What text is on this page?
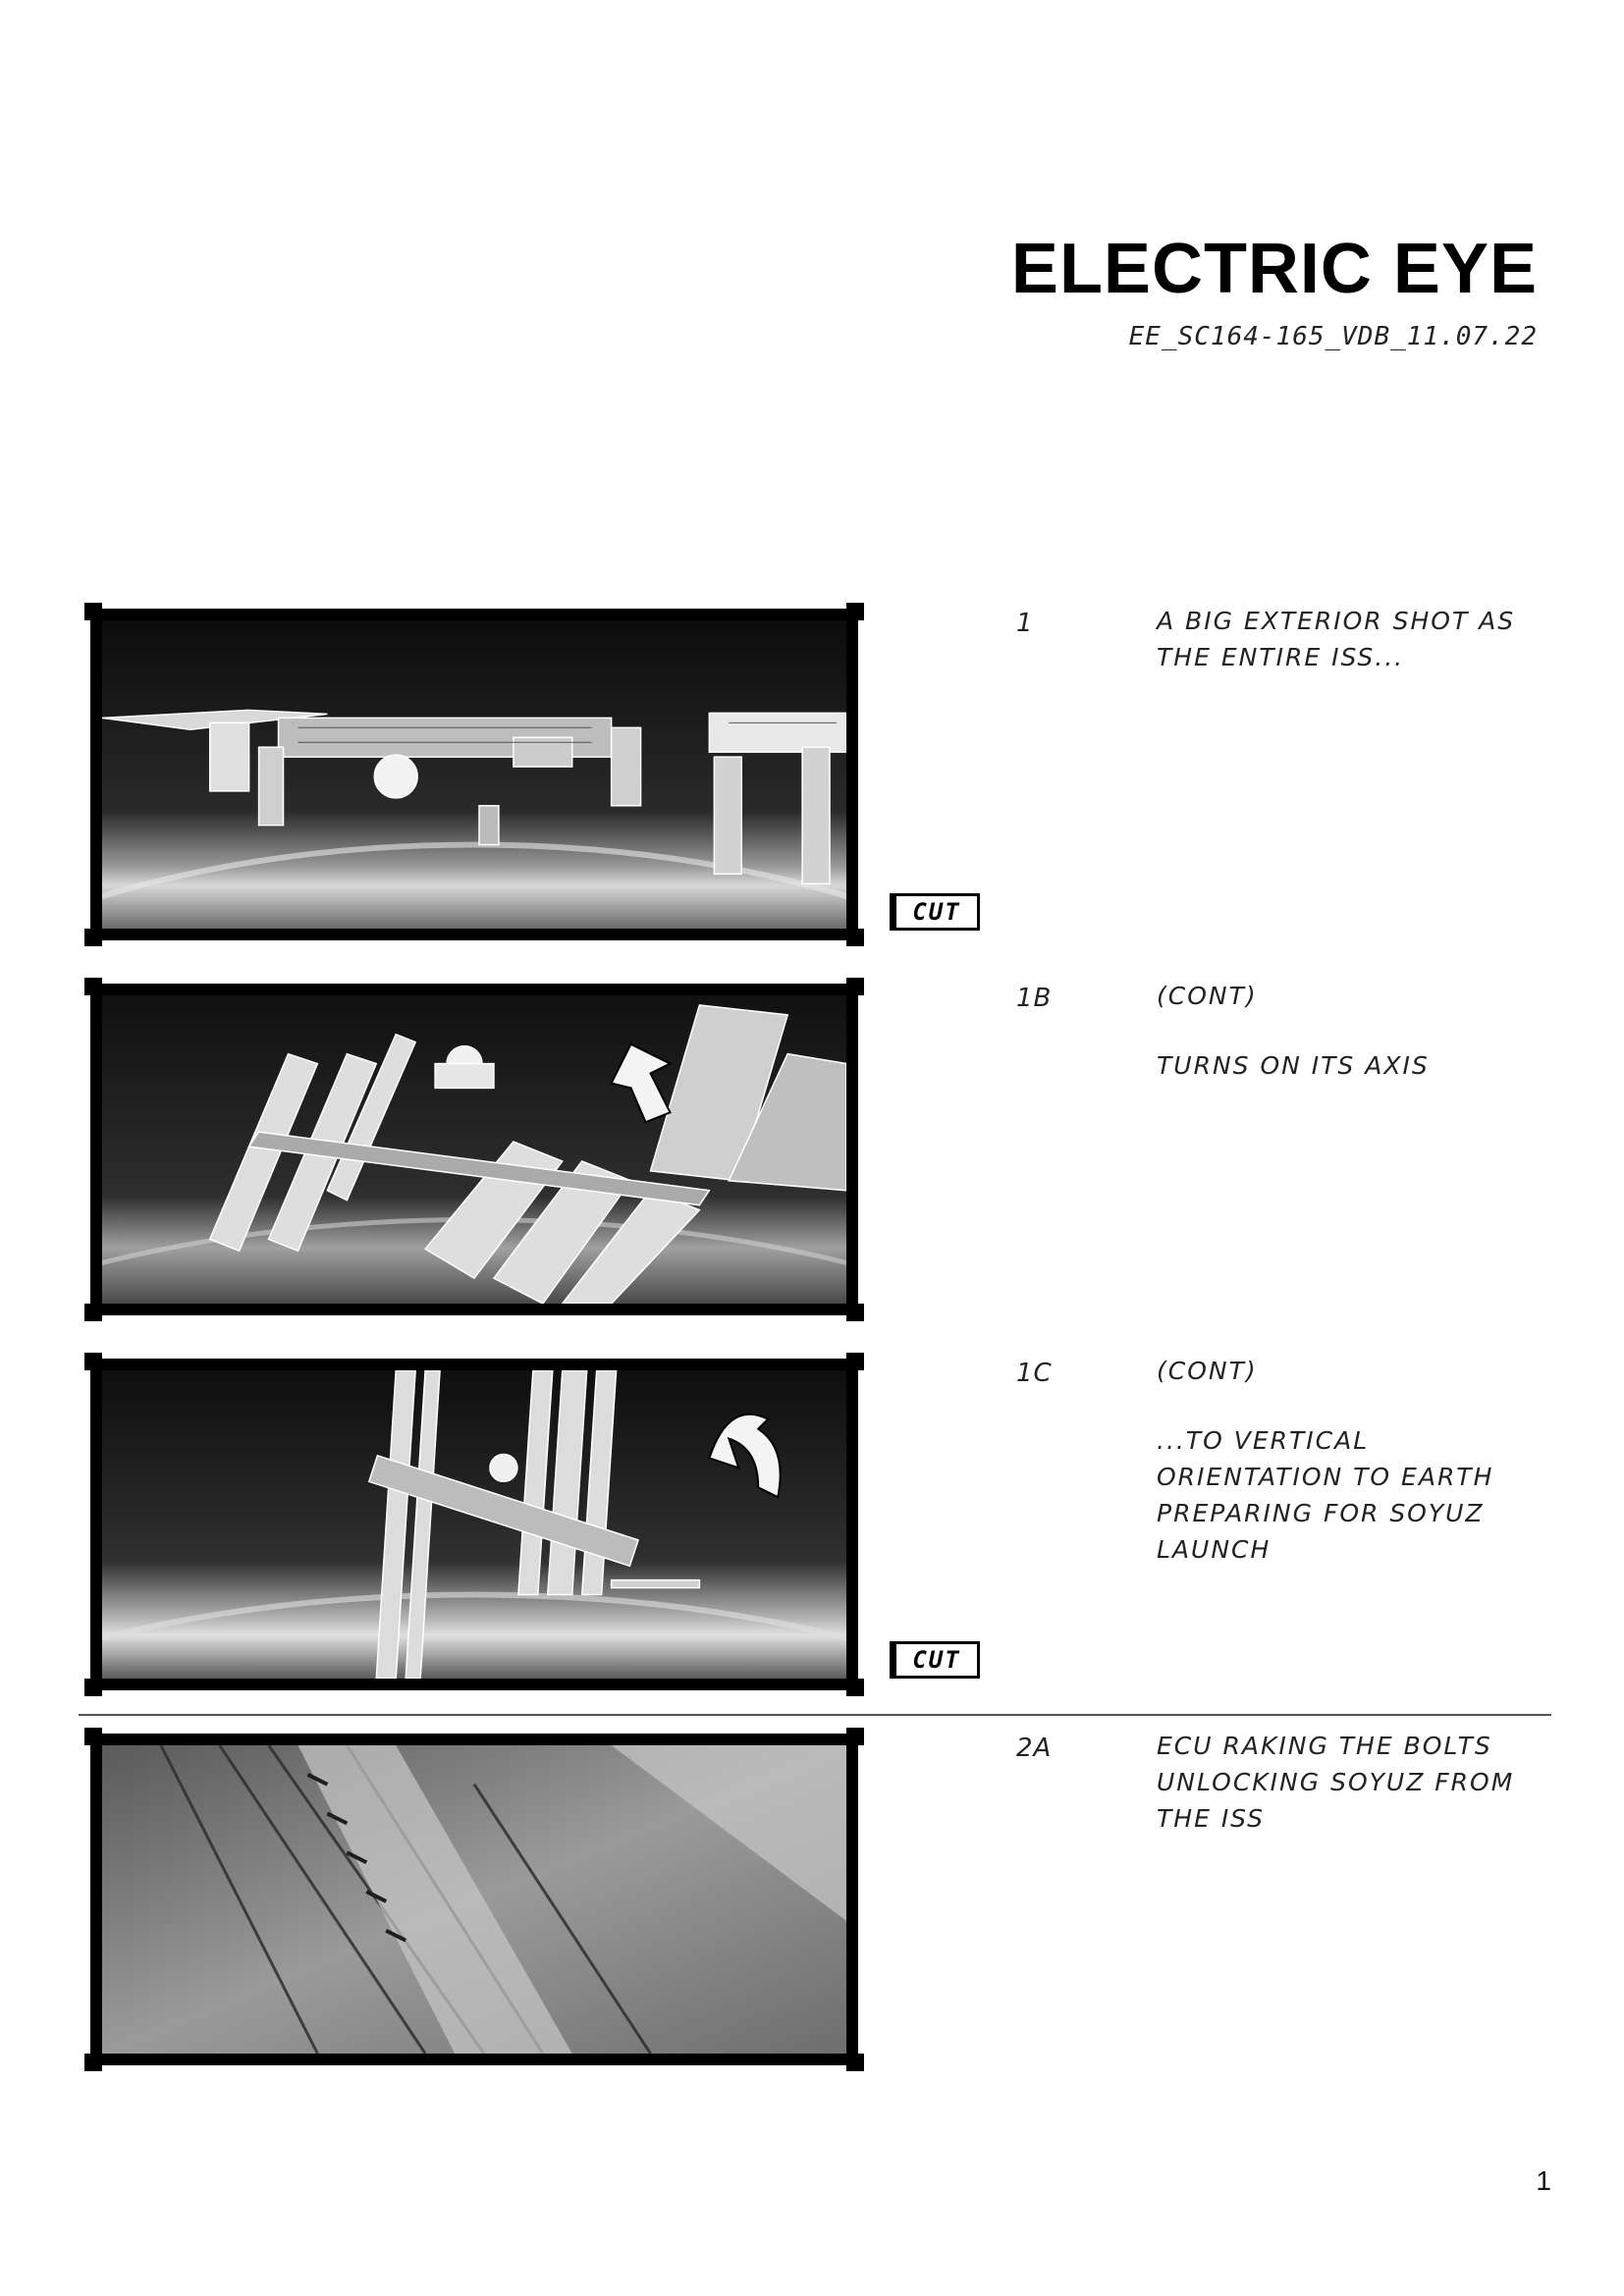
ELECTRIC EYE
EE_SC164-165_VDB_11.07.22
1	A BIG EXTERIOR SHOT AS THE ENTIRE ISS...

CUT
1B	(CONT)

TURNS ON ITS AXIS

1C	(CONT)

...TO VERTICAL ORIENTATION TO EARTH PREPARING FOR SOYUZ LAUNCH

CUT
2A	ECU RAKING THE BOLTS UNLOCKING SOYUZ FROM THE ISS

1
